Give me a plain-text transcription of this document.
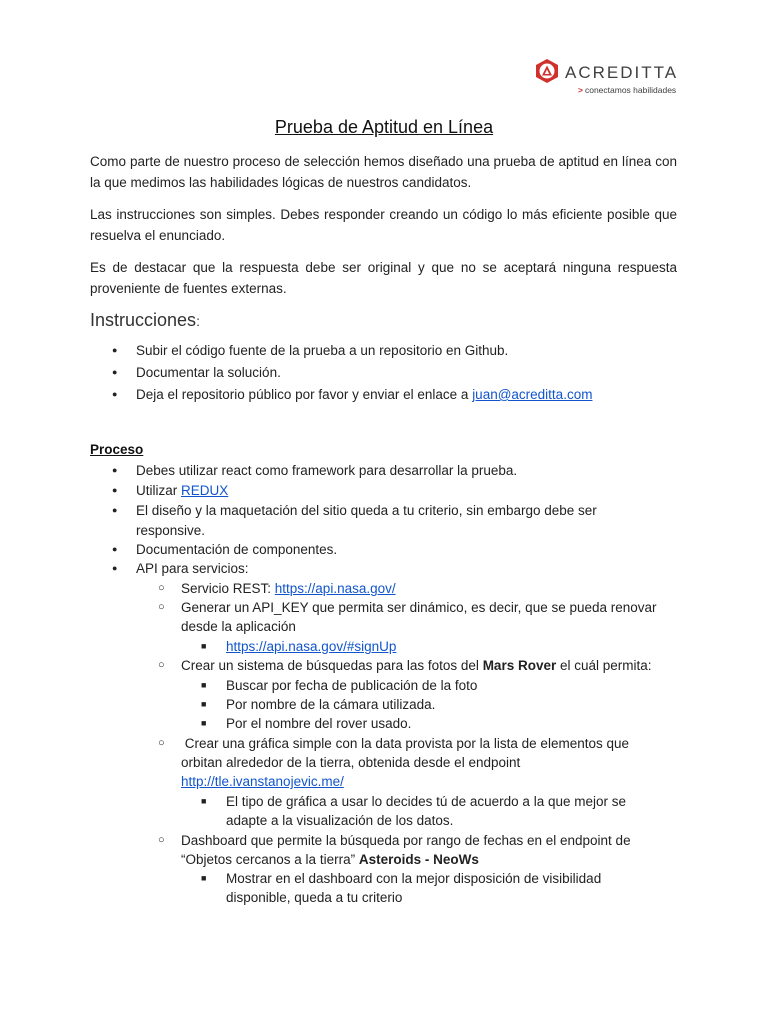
ACREDITTA
> conectamos habilidades
Prueba de Aptitud en Línea

Como parte de nuestro proceso de selección hemos diseñado una prueba de aptitud en línea con la que medimos las habilidades lógicas de nuestros candidatos.

Las instrucciones son simples. Debes responder creando un código lo más eficiente posible que resuelva el enunciado.

Es de destacar que la respuesta debe ser original y que no se aceptará ninguna respuesta proveniente de fuentes externas.

Instrucciones:
● Subir el código fuente de la prueba a un repositorio en Github.
● Documentar la solución.
● Deja el repositorio público por favor y enviar el enlace a juan@acreditta.com

Proceso

● Debes utilizar react como framework para desarrollar la prueba.
● Utilizar REDUX
● El diseño y la maquetación del sitio queda a tu criterio, sin embargo debe ser
responsive.
● Documentación de componentes.
● API para servicios:
○ Servicio REST: https://api.nasa.gov/
○ Generar un API_KEY que permita ser dinámico, es decir, que se pueda renovar
desde la aplicación
■ https://api.nasa.gov/#signUp
○ Crear un sistema de búsquedas para las fotos del Mars Rover el cuál permita:
■ Buscar por fecha de publicación de la foto
■ Por nombre de la cámara utilizada.
■ Por el nombre del rover usado.
○ Crear una gráfica simple con la data provista por la lista de elementos que
orbitan alrededor de la tierra, obtenida desde el endpoint
http://tle.ivanstanojevic.me/
■ El tipo de gráfica a usar lo decides tú de acuerdo a la que mejor se
adapte a la visualización de los datos.
○ Dashboard que permite la búsqueda por rango de fechas en el endpoint de
“Objetos cercanos a la tierra” Asteroids - NeoWs
■ Mostrar en el dashboard con la mejor disposición de visibilidad
disponible, queda a tu criterio
